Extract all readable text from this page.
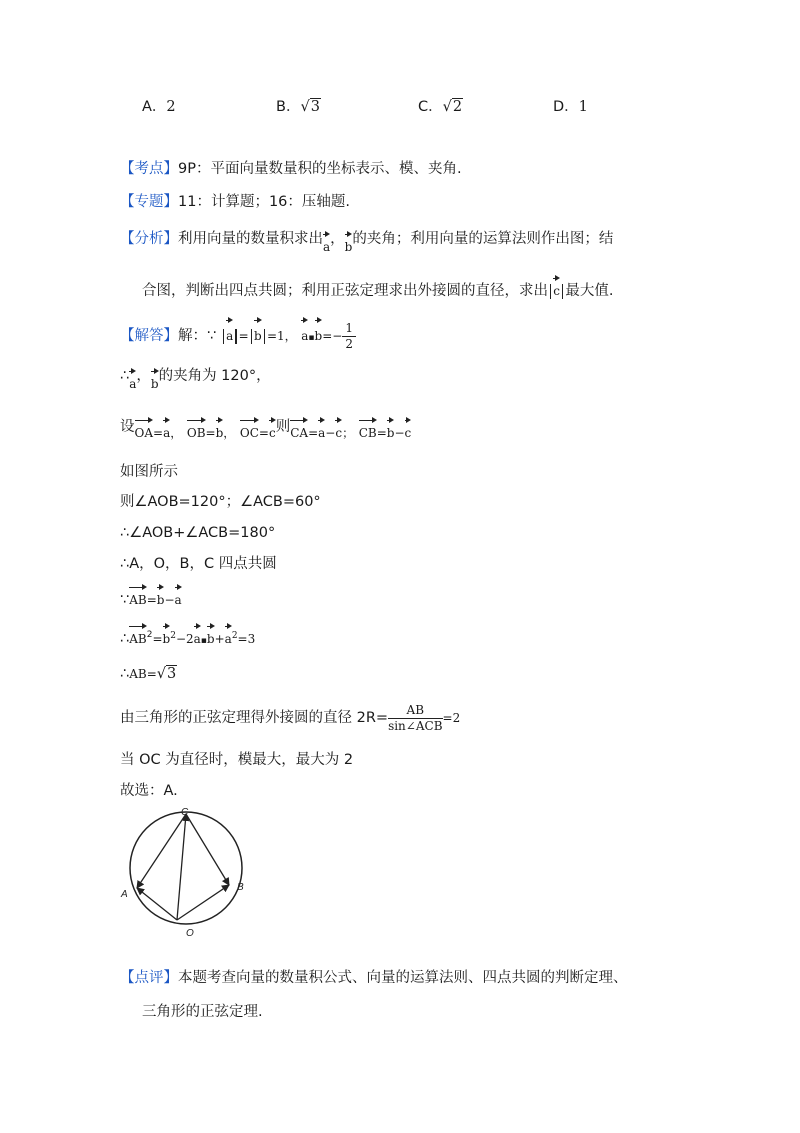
A．2	B．√3	C．√2	D．1
【考点】9P：平面向量数量积的坐标表示、模、夹角.
【专题】11：计算题；16：压轴题.
【分析】利用向量的数量积求出a，b的夹角；利用向量的运算法则作出图；结
合图，判断出四点共圆；利用正弦定理求出外接圆的直径，求出 c 最大值.
【解答】解：∵ a = b =1， a▪b=− $\frac{1}{2}$
∴a，b的夹角为 120°，
设$OA_{=a,}$ $OB_{=b,}$ $OC_{=c}$则$CA_{=a-c;}$ $CB_{=b-c}$
如图所示
则∠AOB=120°；∠ACB=60°
∴∠AOB+∠ACB=180°
∴A，O，B，C 四点共圆
∵AB=b−a
$\therefore AB^2=b^2-2a▪b+a^2=3$
∴AB=√3
由三角形的正弦定理得外接圆的直径 $2R= \frac{AB}{\text{sin∠ACB}} =2$
当 OC 为直径时，模最大，最大为 2
故选：A.
C
A
B
O
【点评】本题考查向量的数量积公式、向量的运算法则、四点共圆的判断定理、
三角形的正弦定理.
